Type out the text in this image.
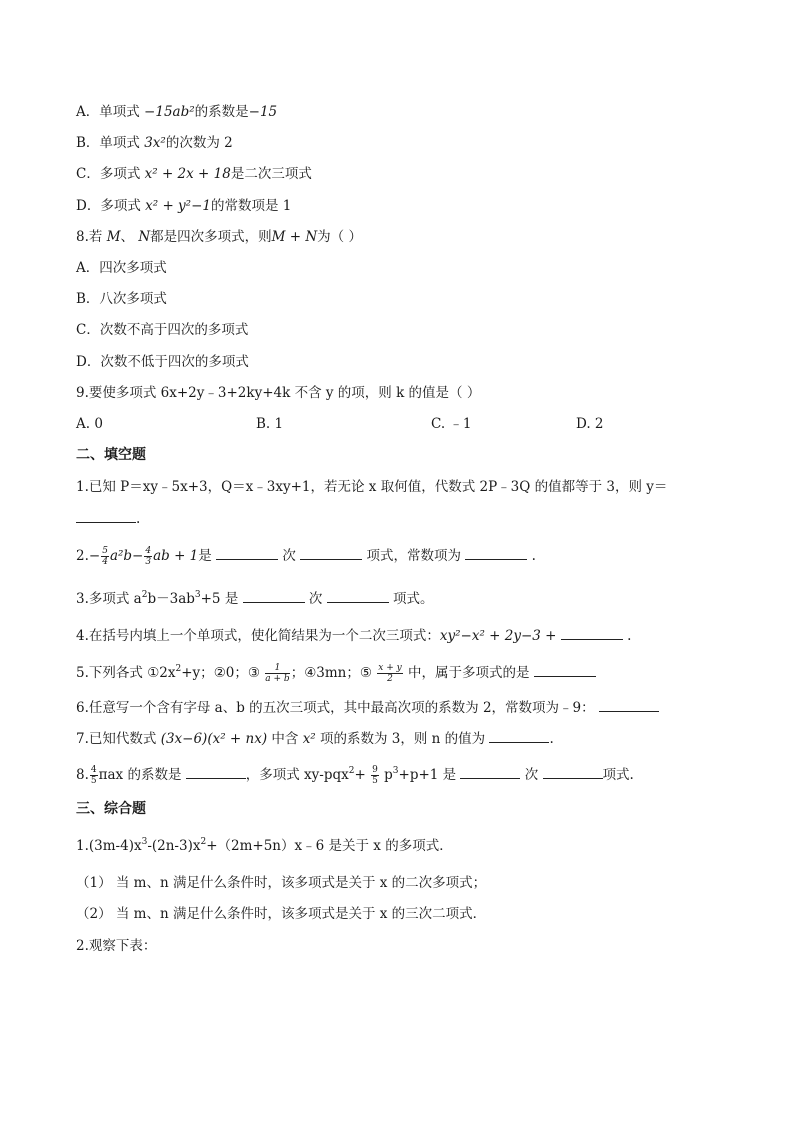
A．单项式 −15𝑎𝑏²的系数是−15
B．单项式 3𝑥²的次数为 2
C．多项式 𝑥² + 2𝑥 + 18是二次三项式
D．多项式 𝑥² + 𝑦²−1的常数项是 1
8.若 𝑀、 𝑁都是四次多项式，则𝑀 + 𝑁为（ ）
A．四次多项式
B．八次多项式
C．次数不高于四次的多项式
D．次数不低于四次的多项式
9.要使多项式 6x+2y﹣3+2ky+4k 不含 y 的项，则 k 的值是（ ）
A. 0	B. 1	C. ﹣1	D. 2
二、填空题
1.已知 P＝xy﹣5x+3，Q＝x﹣3xy+1，若无论 x 取何值，代数式 2P﹣3Q 的值都等于 3，则 y＝
.
$2.- \frac{5}{4}$ 𝑎²𝑏− $\frac{4}{3}$ 𝑎𝑏 + 1是	次	项式，常数项为	.
3.多项式 $a^2b-3ab^3+5$ 是	次	项式。
4.在括号内填上一个单项式，使化简结果为一个二次三项式：𝑥𝑦²−𝑥² + 2𝑦−3 +	.
5.下列各式 $①2x^2+y$；②0；③ $\frac{1}{a + b}$ ；④3mn；⑤ $\frac{x + y}{2}$ 中，属于多项式的是
6.任意写一个含有字母 a、b 的五次三项式，其中最高次项的系数为 2，常数项为﹣9：
7.已知代数式 (3𝑥−6)(𝑥² + 𝑛𝑥) 中含 𝑥² 项的系数为 3，则 n 的值为	.
8. $\frac{4}{5}$ πax 的系数是	，多项式 $xy-pqx^2+ \frac{9}{5} p^3+p+1$ 是	次	项式.
三、综合题
$1.(3m-4)x^3-(2n-3)x^2+(2m+5n)x﹣6$ 是关于 x 的多项式．
（1） 当 m、n 满足什么条件时，该多项式是关于 x 的二次多项式；
（2） 当 m、n 满足什么条件时，该多项式是关于 x 的三次二项式．
2.观察下表：
